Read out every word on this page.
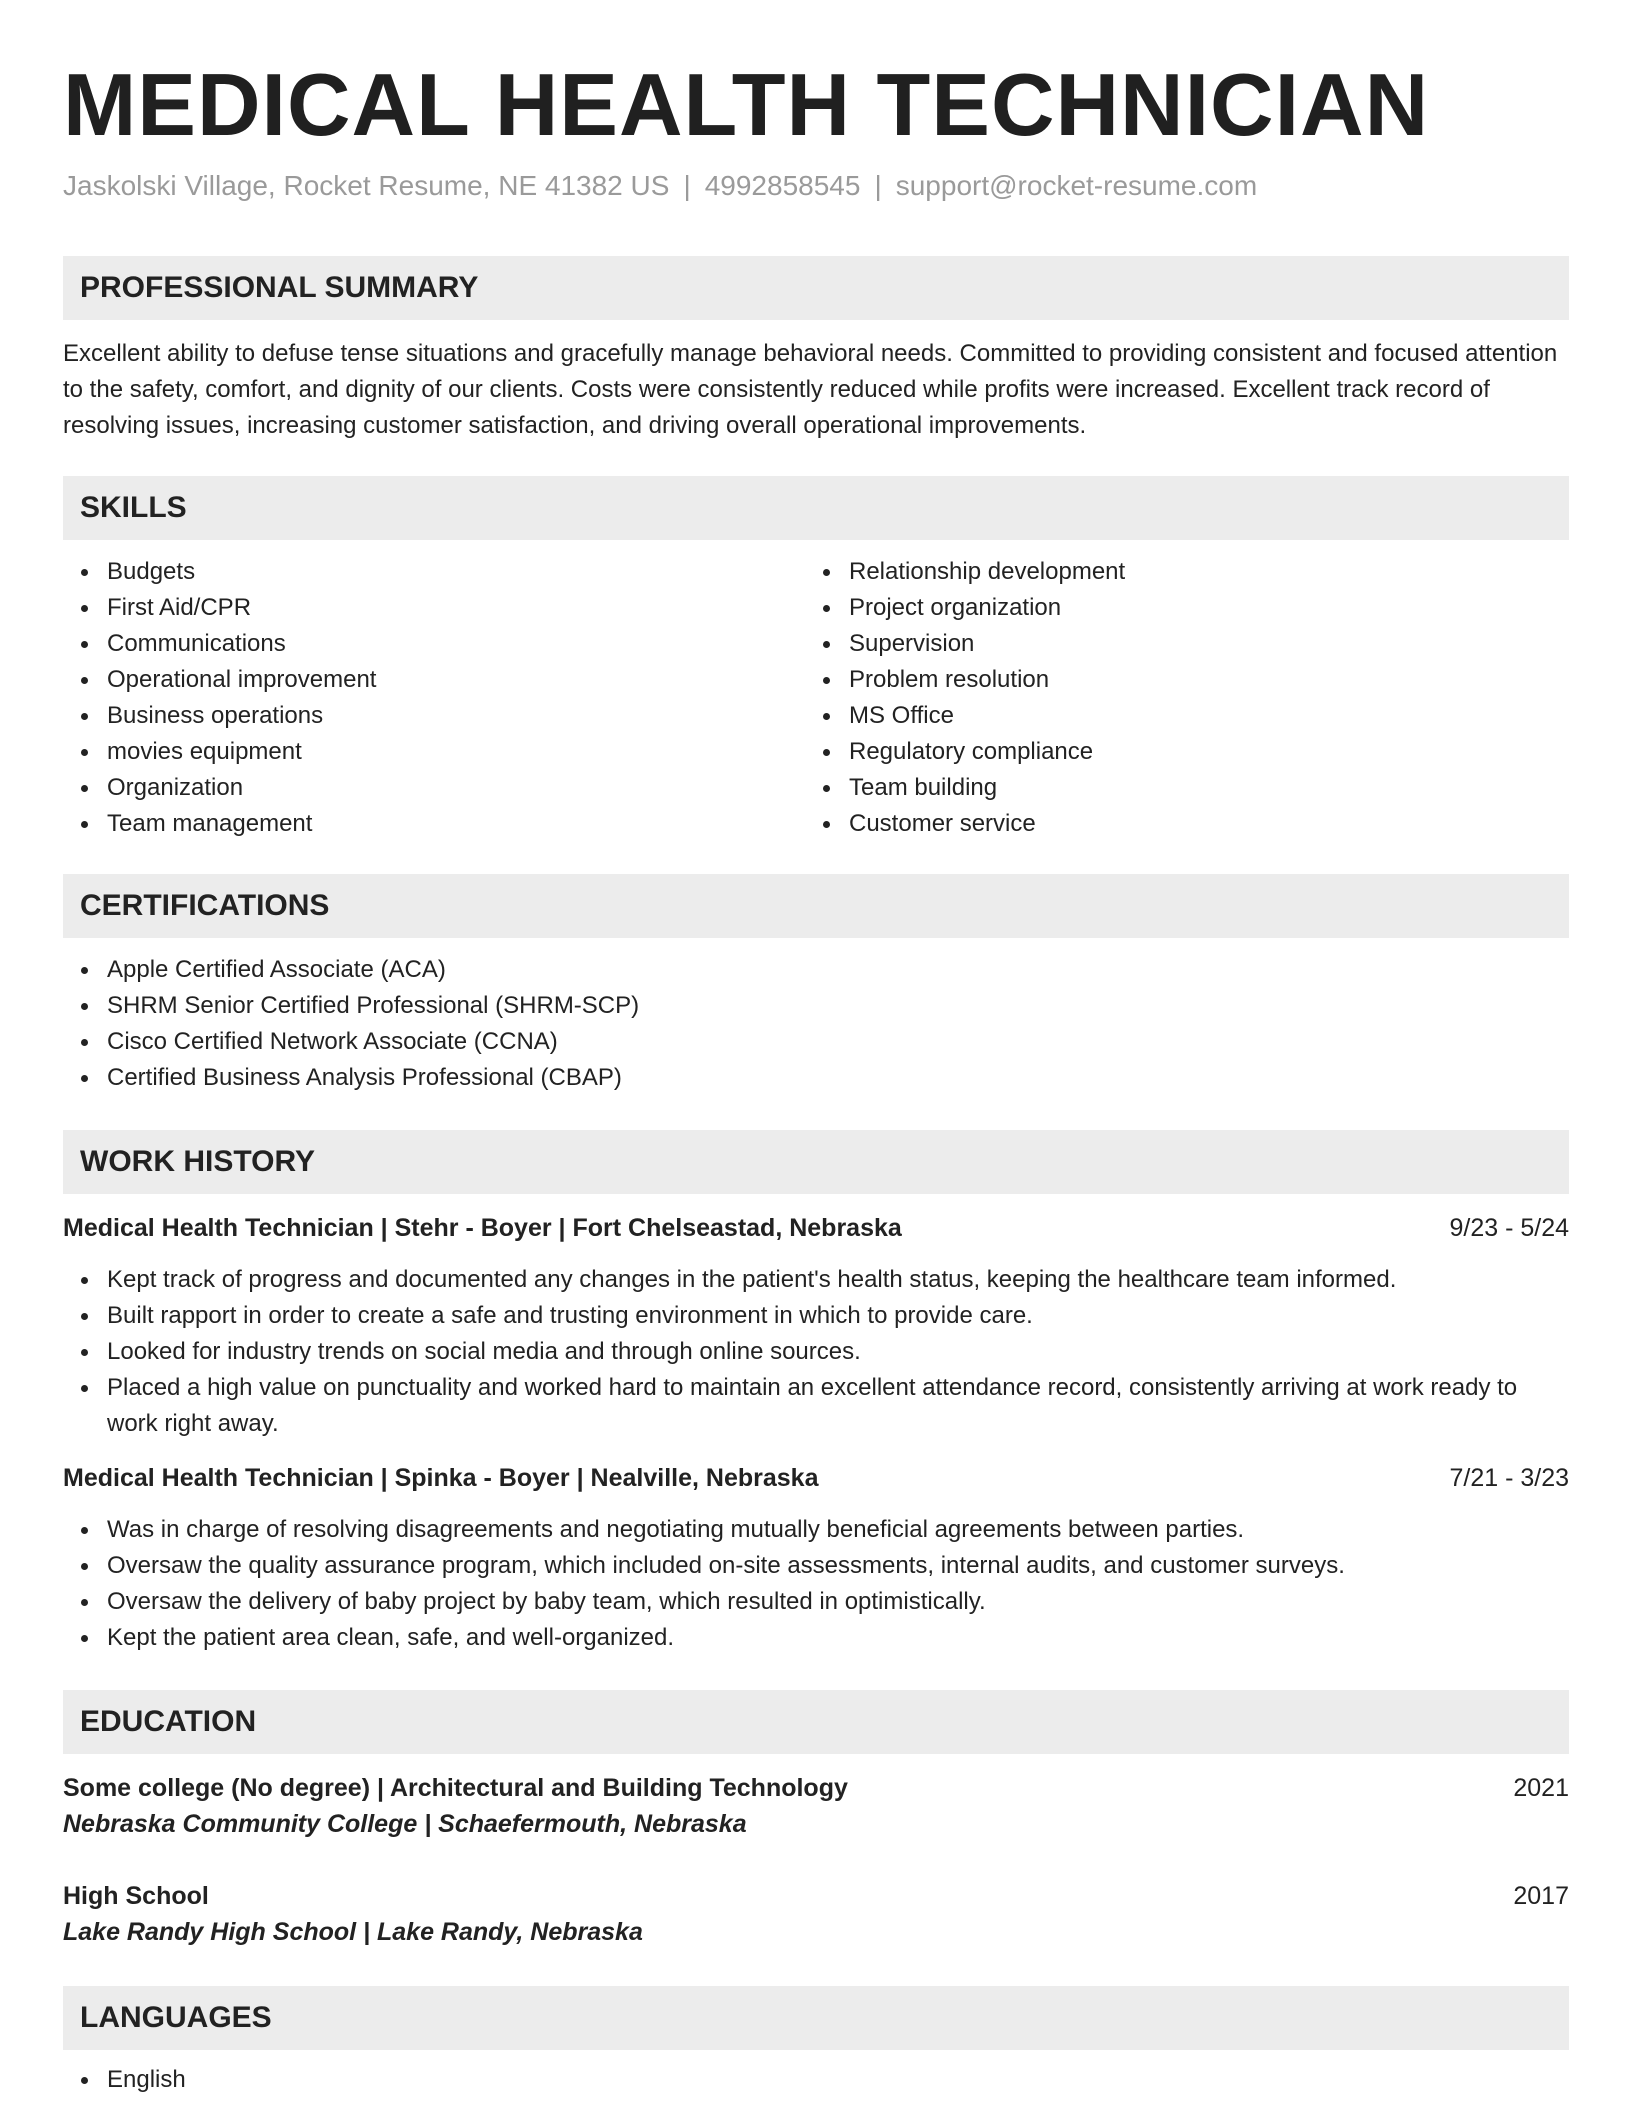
MEDICAL HEALTH TECHNICIAN
Jaskolski Village, Rocket Resume, NE 41382 US | 4992858545 | support@rocket-resume.com
PROFESSIONAL SUMMARY

Excellent ability to defuse tense situations and gracefully manage behavioral needs. Committed to providing consistent and focused attention to the safety, comfort, and dignity of our clients. Costs were consistently reduced while profits were increased. Excellent track record of resolving issues, increasing customer satisfaction, and driving overall operational improvements.

SKILLS
Budgets
First Aid/CPR
Communications
Operational improvement
Business operations
movies equipment
Organization
Team management
Relationship development
Project organization
Supervision
Problem resolution
MS Office
Regulatory compliance
Team building
Customer service
CERTIFICATIONS
Apple Certified Associate (ACA)
SHRM Senior Certified Professional (SHRM-SCP)
Cisco Certified Network Associate (CCNA)
Certified Business Analysis Professional (CBAP)
WORK HISTORY
Medical Health Technician | Stehr - Boyer | Fort Chelseastad, Nebraska	9/23 - 5/24
Kept track of progress and documented any changes in the patient's health status, keeping the healthcare team informed.
Built rapport in order to create a safe and trusting environment in which to provide care.
Looked for industry trends on social media and through online sources.
Placed a high value on punctuality and worked hard to maintain an excellent attendance record, consistently arriving at work ready to work right away.
Medical Health Technician | Spinka - Boyer | Nealville, Nebraska	7/21 - 3/23
Was in charge of resolving disagreements and negotiating mutually beneficial agreements between parties.
Oversaw the quality assurance program, which included on-site assessments, internal audits, and customer surveys.
Oversaw the delivery of baby project by baby team, which resulted in optimistically.
Kept the patient area clean, safe, and well-organized.
EDUCATION
Some college (No degree) | Architectural and Building Technology	2021
Nebraska Community College | Schaefermouth, Nebraska
High School	2017
Lake Randy High School | Lake Randy, Nebraska
LANGUAGES
English
